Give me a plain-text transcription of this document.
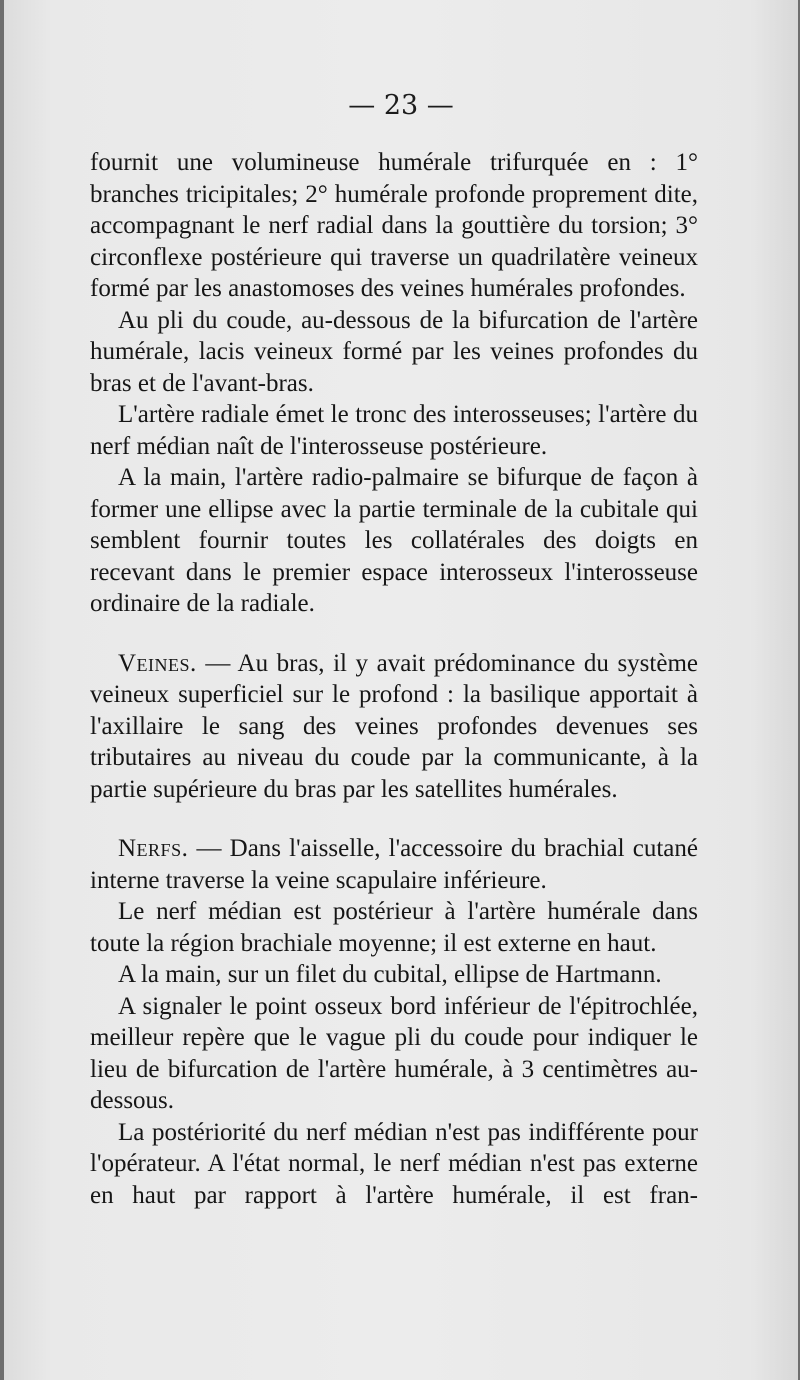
— 23 —

fournit une volumineuse humérale trifurquée en : 1° branches tricipitales; 2° humérale profonde proprement dite, accompagnant le nerf radial dans la gouttière du torsion; 3° circonflexe postérieure qui traverse un quadrilatère veineux formé par les anastomoses des veines humérales profondes.

Au pli du coude, au-dessous de la bifurcation de l'artère humérale, lacis veineux formé par les veines profondes du bras et de l'avant-bras.

L'artère radiale émet le tronc des interosseuses; l'artère du nerf médian naît de l'interosseuse postérieure.

A la main, l'artère radio-palmaire se bifurque de façon à former une ellipse avec la partie terminale de la cubitale qui semblent fournir toutes les collatérales des doigts en recevant dans le premier espace interosseux l'interosseuse ordinaire de la radiale.

Veines. — Au bras, il y avait prédominance du système veineux superficiel sur le profond : la basilique apportait à l'axillaire le sang des veines profondes devenues ses tributaires au niveau du coude par la communicante, à la partie supérieure du bras par les satellites humérales.

Nerfs. — Dans l'aisselle, l'accessoire du brachial cutané interne traverse la veine scapulaire inférieure.

Le nerf médian est postérieur à l'artère humérale dans toute la région brachiale moyenne; il est externe en haut.

A la main, sur un filet du cubital, ellipse de Hartmann.

A signaler le point osseux bord inférieur de l'épitrochlée, meilleur repère que le vague pli du coude pour indiquer le lieu de bifurcation de l'artère humérale, à 3 centimètres au-dessous.

La postériorité du nerf médian n'est pas indifférente pour l'opérateur. A l'état normal, le nerf médian n'est pas externe en haut par rapport à l'artère humérale, il est fran-
